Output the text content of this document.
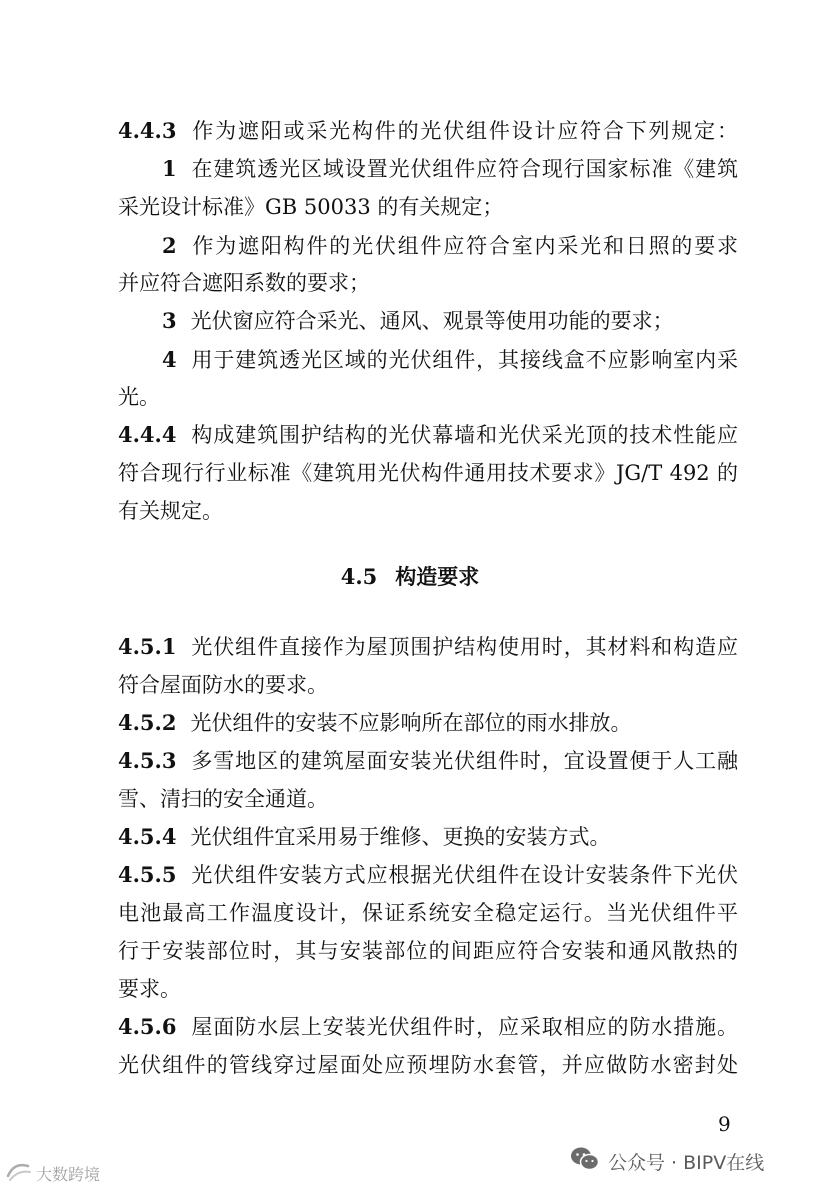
4.4.3 作为遮阳或采光构件的光伏组件设计应符合下列规定：
1 在建筑透光区域设置光伏组件应符合现行国家标准《建筑
采光设计标准》GB 50033 的有关规定；
2 作为遮阳构件的光伏组件应符合室内采光和日照的要求
并应符合遮阳系数的要求；
3 光伏窗应符合采光、通风、观景等使用功能的要求；
4 用于建筑透光区域的光伏组件，其接线盒不应影响室内采
光。
4.4.4 构成建筑围护结构的光伏幕墙和光伏采光顶的技术性能应
符合现行行业标准《建筑用光伏构件通用技术要求》JG/T 492 的
有关规定。
4.5 构造要求
4.5.1 光伏组件直接作为屋顶围护结构使用时，其材料和构造应
符合屋面防水的要求。
4.5.2 光伏组件的安装不应影响所在部位的雨水排放。
4.5.3 多雪地区的建筑屋面安装光伏组件时，宜设置便于人工融
雪、清扫的安全通道。
4.5.4 光伏组件宜采用易于维修、更换的安装方式。
4.5.5 光伏组件安装方式应根据光伏组件在设计安装条件下光伏
电池最高工作温度设计，保证系统安全稳定运行。当光伏组件平
行于安装部位时，其与安装部位的间距应符合安装和通风散热的
要求。
4.5.6 屋面防水层上安装光伏组件时，应采取相应的防水措施。
光伏组件的管线穿过屋面处应预埋防水套管，并应做防水密封处
9
公众号 · BIPV在线
大数跨境
